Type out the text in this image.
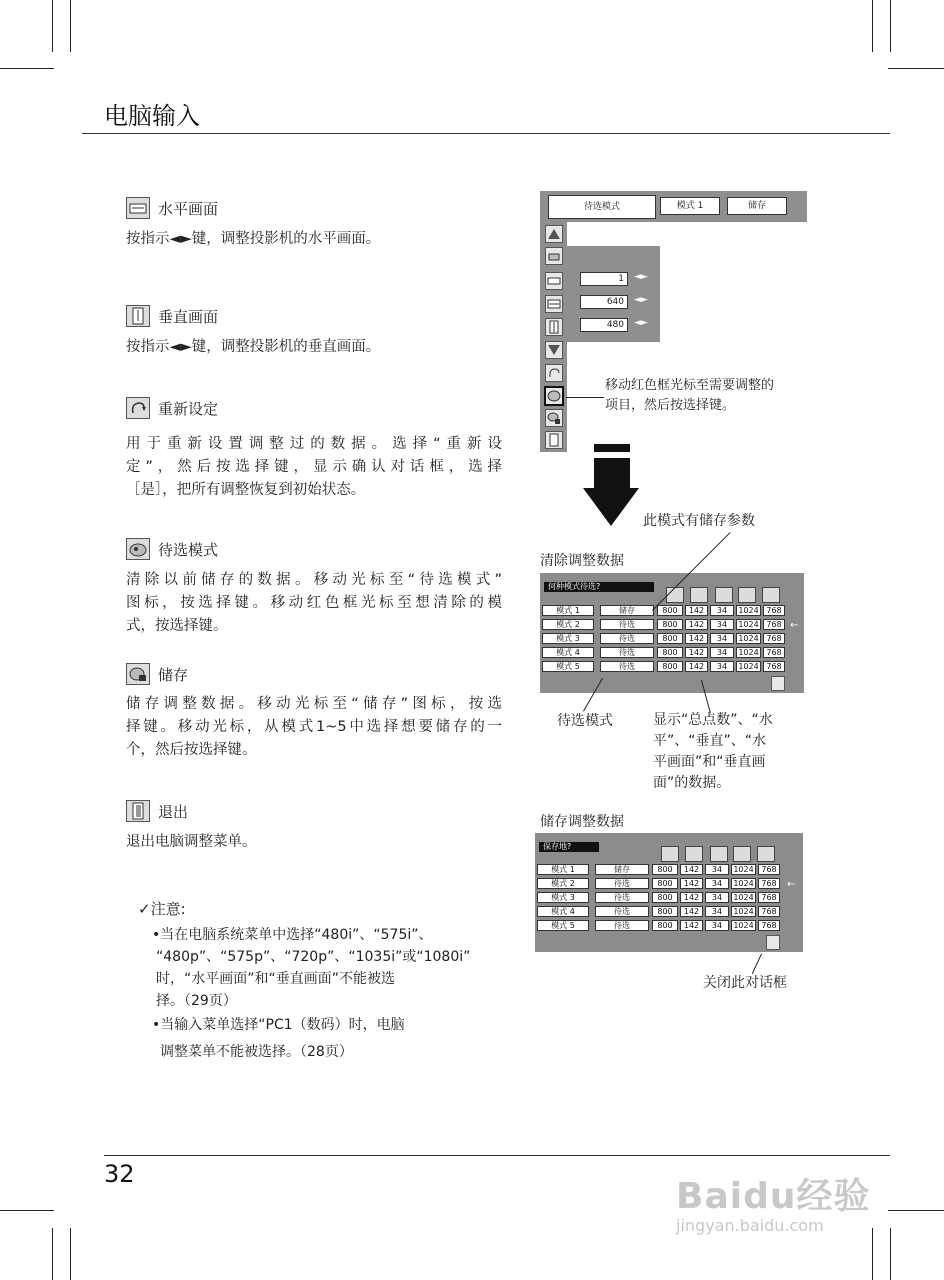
电脑输入
水平画面
按指示◄►键，调整投影机的水平画面。
垂直画面
按指示◄►键，调整投影机的垂直画面。
重新设定
用于重新设置调整过的数据。选择“重新设
定”，然后按选择键，显示确认对话框，选择
［是］，把所有调整恢复到初始状态。
待选模式
清除以前储存的数据。移动光标至“待选模式”
图标，按选择键。移动红色框光标至想清除的模
式，按选择键。
储存
储存调整数据。移动光标至“储存”图标，按选
择键。移动光标，从模式1~5中选择想要储存的一
个，然后按选择键。
退出
退出电脑调整菜单。
✓注意:
•当在电脑系统菜单中选择“480i”、“575i”、
“480p”、“575p”、“720p”、“1035i”或“1080i”
时，“水平画面”和“垂直画面”不能被选
择。（29页）
•当输入菜单选择“PC1（数码）时，电脑
调整菜单不能被选择。（28页）
待选模式	模式 1	储存
1	◄►
640	◄►
480	◄►
移动红色框光标至需要调整的
项目，然后按选择键。
此模式有储存参数
清除调整数据
何种模式待选?
模式 1	储存	800	142	34	1024 768
模式 2	待选	800	142	34	1024 768
模式 3	待选	800	142	34	1024 768
模式 4	待选	800	142	34	1024 768
模式 5	待选	800	142	34	1024 768
←
待选模式	显示“总点数”、“水
平”、“垂直”、“水
平画面”和“垂直画
面”的数据。
储存调整数据
保存地?
模式 1	储存	800	142	34	1024 768
模式 2	待选	800	142	34	1024 768
模式 3	待选	800	142	34	1024 768
模式 4	待选	800	142	34	1024 768
模式 5	待选	800	142	34	1024 768
←
关闭此对话框
32
Baidu经验
jingyan.baidu.com
